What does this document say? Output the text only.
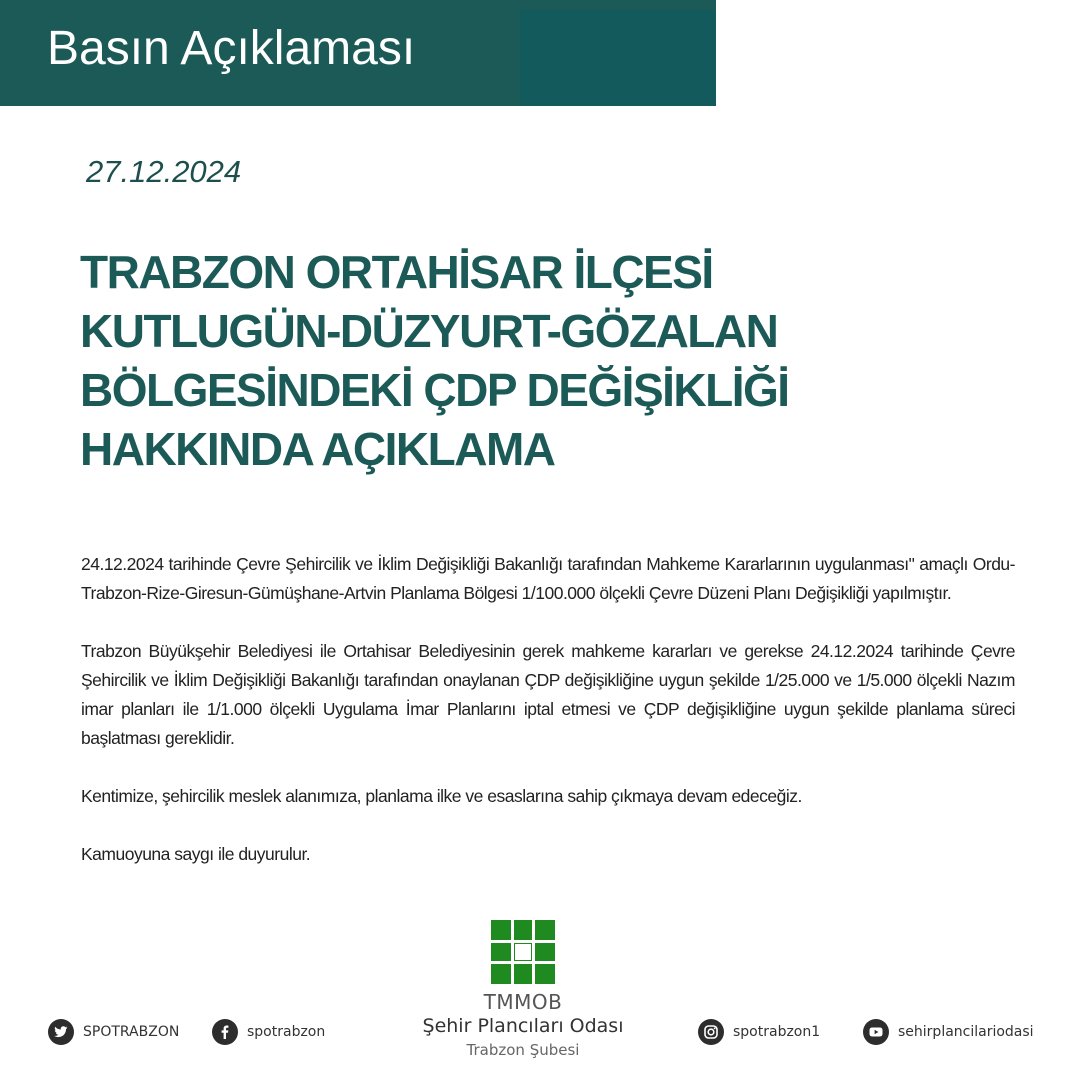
Basın Açıklaması
27.12.2024
TRABZON ORTAHİSAR İLÇESİ
KUTLUGÜN-DÜZYURT-GÖZALAN
BÖLGESİNDEKİ ÇDP DEĞİŞİKLİĞİ
HAKKINDA AÇIKLAMA

24.12.2024 tarihinde Çevre Şehircilik ve İklim Değişikliği Bakanlığı tarafından Mahkeme Kararlarının uygulanması" amaçlı Ordu-Trabzon-Rize-Giresun-Gümüşhane-Artvin Planlama Bölgesi 1/100.000 ölçekli Çevre Düzeni Planı Değişikliği yapılmıştır.

Trabzon Büyükşehir Belediyesi ile Ortahisar Belediyesinin gerek mahkeme kararları ve gerekse 24.12.2024 tarihinde Çevre Şehircilik ve İklim Değişikliği Bakanlığı tarafından onaylanan ÇDP değişikliğine uygun şekilde 1/25.000 ve 1/5.000 ölçekli Nazım imar planları ile 1/1.000 ölçekli Uygulama İmar Planlarını iptal etmesi ve ÇDP değişikliğine uygun şekilde planlama süreci başlatması gereklidir.

Kentimize, şehircilik meslek alanımıza, planlama ilke ve esaslarına sahip çıkmaya devam edeceğiz.

Kamuoyuna saygı ile duyurulur.

TMMOB
Şehir Plancıları Odası
Trabzon Şubesi
SPOTRABZON	spotrabzon	spotrabzon1	sehirplancilariodasi
